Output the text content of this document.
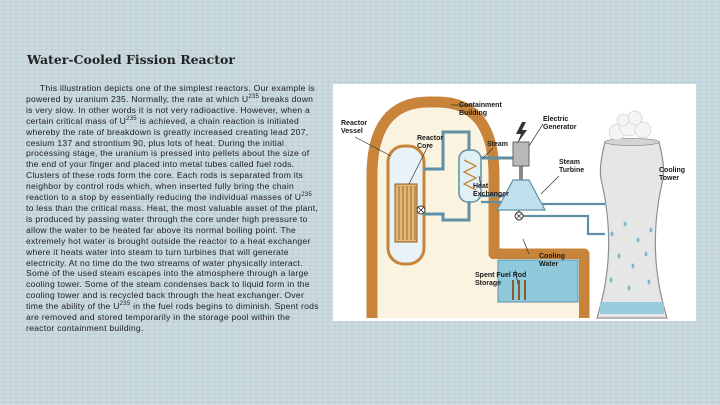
Water-Cooled Fission Reactor
This illustration depicts one of the simplest reactors. Our example is powered by uranium 235. Normally, the rate at which $U^{235}$ breaks down is very slow. In other words it is not very radioactive. However, when a certain critical mass of $U^{235}$ is achieved, a chain reaction is initiated whereby the rate of breakdown is greatly increased creating lead 207, cesium 137 and strontium 90, plus lots of heat. During the initial processing stage, the uranium is pressed into pellets about the size of the end of your finger and placed into metal tubes called fuel rods. Clusters of these rods form the core. Each rods is separated from its neighbor by control rods which, when inserted fully bring the chain reaction to a stop by essentially reducing the individual masses of $U^{235}$ to less than the critical mass. Heat, the most valuable asset of the plant, is produced by passing water through the core under high pressure to allow the water to be heated far above its normal boiling point. The extremely hot water is brought outside the reactor to a heat exchanger where it heats water into steam to turn turbines that will generate electricity. At no time do the two streams of water physically interact. Some of the used steam escapes into the atmosphere through a large cooling tower. Some of the steam condenses back to liquid form in the cooling tower and is recycled back through the heat exchanger. Over time the ability of the $U^{235}$ in the fuel rods begins to diminish. Spent rods are removed and stored temporarily in the storage pool within the reactor containment building.
Containment
Building
Electric
Generator
Reactor
Vessel
Reactor
Core	Steam
Steam
Turbine	Cooling
Tower
Heat
Exchanger
Cooling
Water
Spent Fuel Rod
Storage
